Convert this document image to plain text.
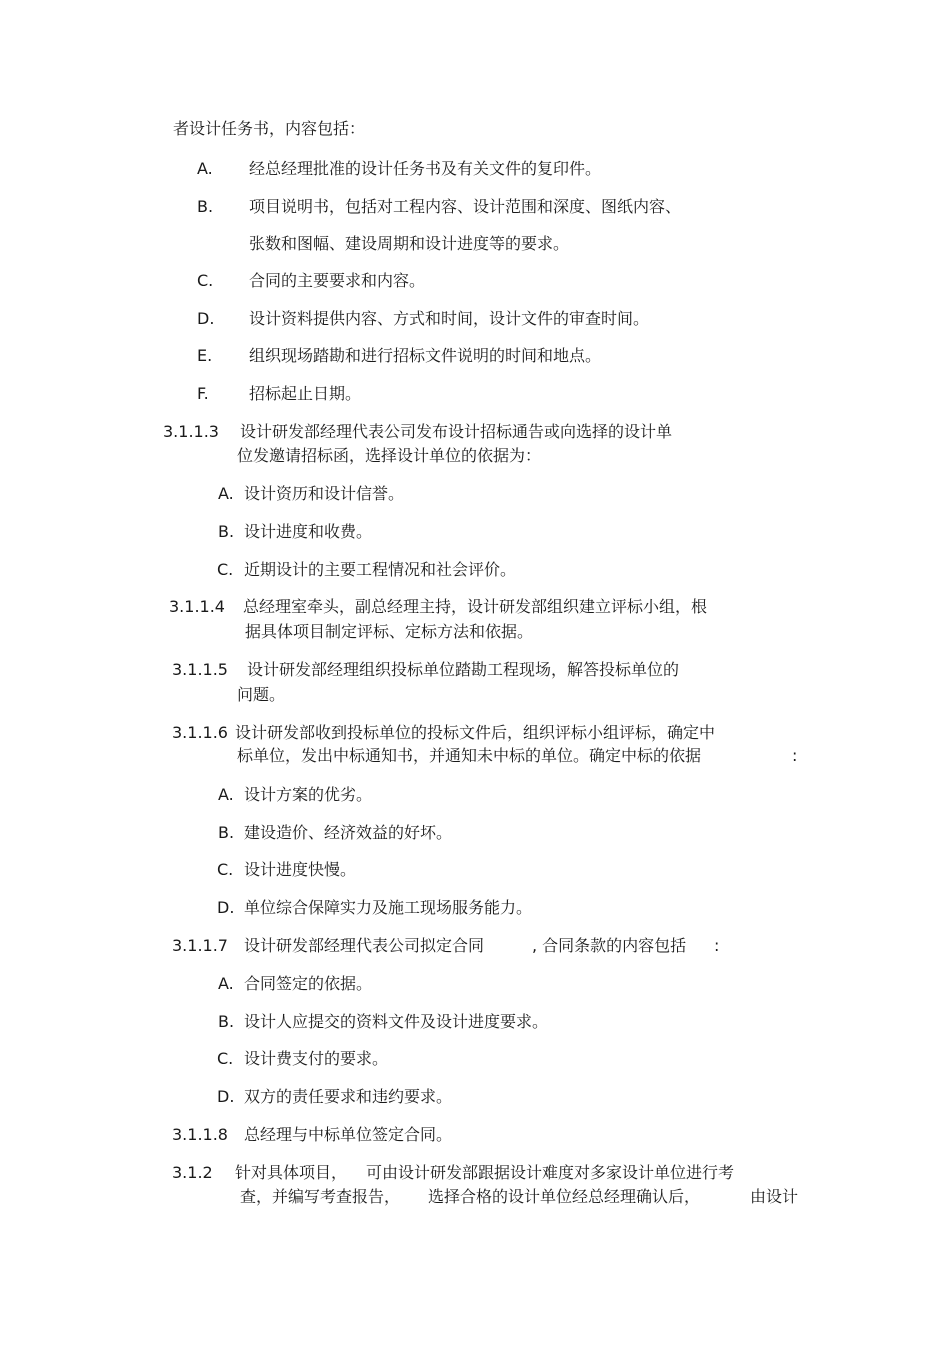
者设计任务书，内容包括：
A. 经总经理批准的设计任务书及有关文件的复印件。
B. 项目说明书，包括对工程内容、设计范围和深度、图纸内容、
张数和图幅、建设周期和设计进度等的要求。
C. 合同的主要要求和内容。
D. 设计资料提供内容、方式和时间，设计文件的审查时间。
E. 组织现场踏勘和进行招标文件说明的时间和地点。
F.	招标起止日期。
3.1.1.3 设计研发部经理代表公司发布设计招标通告或向选择的设计单
位发邀请招标函，选择设计单位的依据为：
A. 设计资历和设计信誉。
B. 设计进度和收费。
C. 近期设计的主要工程情况和社会评价。
3.1.1.4 总经理室牵头，副总经理主持，设计研发部组织建立评标小组，根
据具体项目制定评标、定标方法和依据。
3.1.1.5 设计研发部经理组织投标单位踏勘工程现场，解答投标单位的
问题。
3.1.1.6 设计研发部收到投标单位的投标文件后，组织评标小组评标，确定中
标单位，发出中标通知书，并通知未中标的单位。确定中标的依据	:
A. 设计方案的优劣。
B. 建设造价、经济效益的好坏。
C. 设计进度快慢。
D. 单位综合保障实力及施工现场服务能力。
3.1.1.7 设计研发部经理代表公司拟定合同	, 合同条款的内容包括 :
A. 合同签定的依据。
B. 设计人应提交的资料文件及设计进度要求。
C. 设计费支付的要求。
D. 双方的责任要求和违约要求。
3.1.1.8 总经理与中标单位签定合同。
3.1.2 针对具体项目， 可由设计研发部跟据设计难度对多家设计单位进行考
查，并编写考查报告， 选择合格的设计单位经总经理确认后，	由设计
